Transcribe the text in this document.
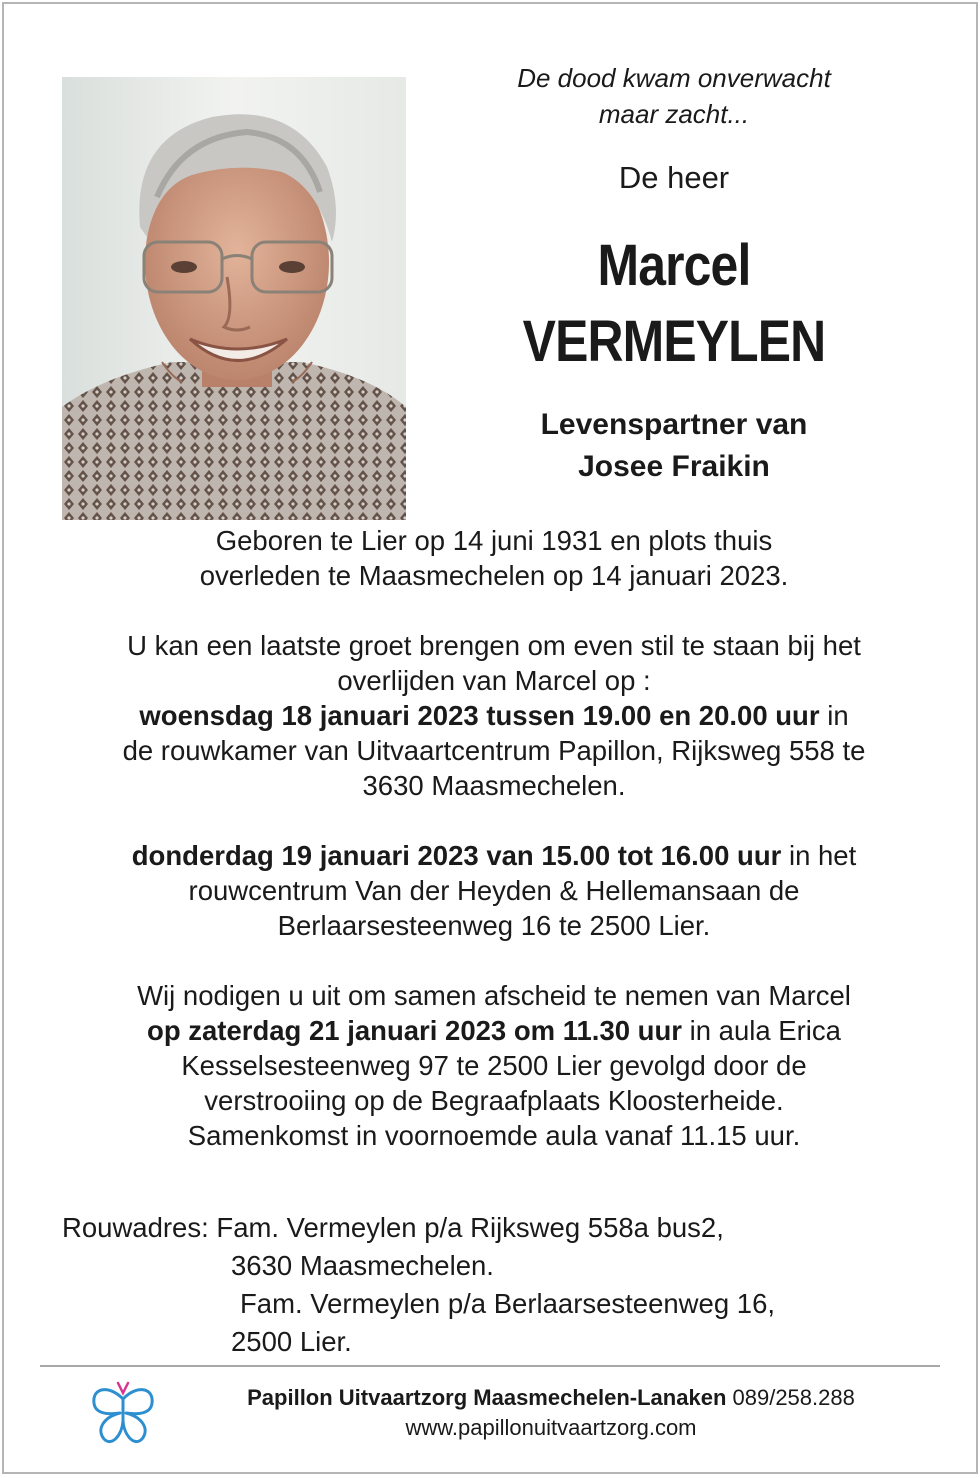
De dood kwam onverwacht
maar zacht...
De heer
Marcel
VERMEYLEN
Levenspartner van
Josee Fraikin

Geboren te Lier op 14 juni 1931 en plots thuis
overleden te Maasmechelen op 14 januari 2023.

U kan een laatste groet brengen om even stil te staan bij het
overlijden van Marcel op :
woensdag 18 januari 2023 tussen 19.00 en 20.00 uur in
de rouwkamer van Uitvaartcentrum Papillon, Rijksweg 558 te
3630 Maasmechelen.

donderdag 19 januari 2023 van 15.00 tot 16.00 uur in het
rouwcentrum Van der Heyden & Hellemansaan de
Berlaarsesteenweg 16 te 2500 Lier.

Wij nodigen u uit om samen afscheid te nemen van Marcel
op zaterdag 21 januari 2023 om 11.30 uur in aula Erica
Kesselsesteenweg 97 te 2500 Lier gevolgd door de
verstrooiing op de Begraafplaats Kloosterheide.
Samenkomst in voornoemde aula vanaf 11.15 uur.

Rouwadres: Fam. Vermeylen p/a Rijksweg 558a bus2,
3630 Maasmechelen.
Fam. Vermeylen p/a Berlaarsesteenweg 16,
2500 Lier.
Papillon Uitvaartzorg Maasmechelen-Lanaken 089/258.288
www.papillonuitvaartzorg.com
